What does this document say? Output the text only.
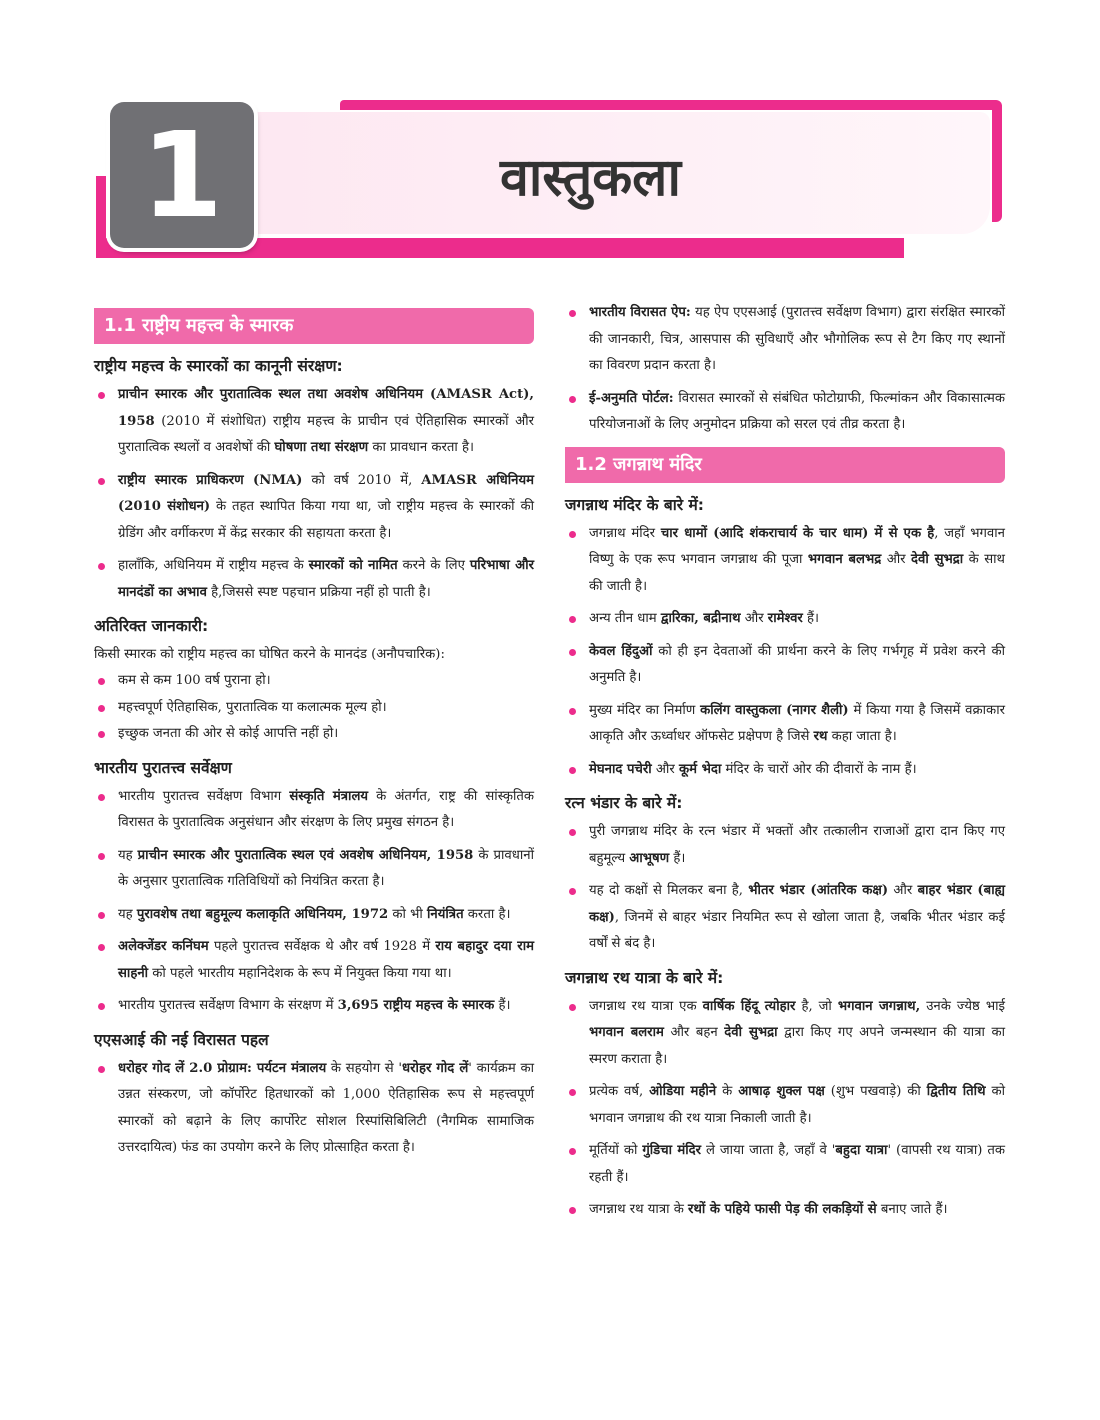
1	वास्तुकला
1.1 राष्ट्रीय महत्त्व के स्मारक
राष्ट्रीय महत्त्व के स्मारकों का कानूनी संरक्षण:
प्राचीन स्मारक और पुरातात्विक स्थल तथा अवशेष अधिनियम (AMASR Act), 1958 (2010 में संशोधित) राष्ट्रीय महत्त्व के प्राचीन एवं ऐतिहासिक स्मारकों और पुरातात्विक स्थलों व अवशेषों की घोषणा तथा संरक्षण का प्रावधान करता है।
राष्ट्रीय स्मारक प्राधिकरण (NMA) को वर्ष 2010 में, AMASR अधिनियम (2010 संशोधन) के तहत स्थापित किया गया था, जो राष्ट्रीय महत्त्व के स्मारकों की ग्रेडिंग और वर्गीकरण में केंद्र सरकार की सहायता करता है।
हालाँकि, अधिनियम में राष्ट्रीय महत्त्व के स्मारकों को नामित करने के लिए परिभाषा और मानदंडों का अभाव है,जिससे स्पष्ट पहचान प्रक्रिया नहीं हो पाती है।
अतिरिक्त जानकारी:

किसी स्मारक को राष्ट्रीय महत्त्व का घोषित करने के मानदंड (अनौपचारिक):

कम से कम 100 वर्ष पुराना हो।
महत्त्वपूर्ण ऐतिहासिक, पुरातात्विक या कलात्मक मूल्य हो।
इच्छुक जनता की ओर से कोई आपत्ति नहीं हो।
भारतीय पुरातत्त्व सर्वेक्षण
भारतीय पुरातत्त्व सर्वेक्षण विभाग संस्कृति मंत्रालय के अंतर्गत, राष्ट्र की सांस्कृतिक विरासत के पुरातात्विक अनुसंधान और संरक्षण के लिए प्रमुख संगठन है।
यह प्राचीन स्मारक और पुरातात्विक स्थल एवं अवशेष अधिनियम, 1958 के प्रावधानों के अनुसार पुरातात्विक गतिविधियों को नियंत्रित करता है।
यह पुरावशेष तथा बहुमूल्य कलाकृति अधिनियम, 1972 को भी नियंत्रित करता है।
अलेक्जेंडर कनिंघम पहले पुरातत्त्व सर्वेक्षक थे और वर्ष 1928 में राय बहादुर दया राम साहनी को पहले भारतीय महानिदेशक के रूप में नियुक्त किया गया था।
भारतीय पुरातत्त्व सर्वेक्षण विभाग के संरक्षण में 3,695 राष्ट्रीय महत्त्व के स्मारक हैं।
एएसआई की नई विरासत पहल
धरोहर गोद लें 2.0 प्रोग्राम: पर्यटन मंत्रालय के सहयोग से 'धरोहर गोद लें' कार्यक्रम का उन्नत संस्करण, जो कॉर्पोरेट हितधारकों को 1,000 ऐतिहासिक रूप से महत्त्वपूर्ण स्मारकों को बढ़ाने के लिए कार्पोरेट सोशल रिस्पांसिबिलिटी (नैगमिक सामाजिक उत्तरदायित्व) फंड का उपयोग करने के लिए प्रोत्साहित करता है।
भारतीय विरासत ऐप: यह ऐप एएसआई (पुरातत्त्व सर्वेक्षण विभाग) द्वारा संरक्षित स्मारकों की जानकारी, चित्र, आसपास की सुविधाएँ और भौगोलिक रूप से टैग किए गए स्थानों का विवरण प्रदान करता है।
ई-अनुमति पोर्टल: विरासत स्मारकों से संबंधित फोटोग्राफी, फिल्मांकन और विकासात्मक परियोजनाओं के लिए अनुमोदन प्रक्रिया को सरल एवं तीव्र करता है।
1.2 जगन्नाथ मंदिर
जगन्नाथ मंदिर के बारे में:
जगन्नाथ मंदिर चार धामों (आदि शंकराचार्य के चार धाम) में से एक है, जहाँ भगवान विष्णु के एक रूप भगवान जगन्नाथ की पूजा भगवान बलभद्र और देवी सुभद्रा के साथ की जाती है।
अन्य तीन धाम द्वारिका, बद्रीनाथ और रामेश्वर हैं।
केवल हिंदुओं को ही इन देवताओं की प्रार्थना करने के लिए गर्भगृह में प्रवेश करने की अनुमति है।
मुख्य मंदिर का निर्माण कलिंग वास्तुकला (नागर शैली) में किया गया है जिसमें वक्राकार आकृति और ऊर्ध्वाधर ऑफसेट प्रक्षेपण है जिसे रथ कहा जाता है।
मेघनाद पचेरी और कूर्म भेदा मंदिर के चारों ओर की दीवारों के नाम हैं।
रत्न भंडार के बारे में:
पुरी जगन्नाथ मंदिर के रत्न भंडार में भक्तों और तत्कालीन राजाओं द्वारा दान किए गए बहुमूल्य आभूषण हैं।
यह दो कक्षों से मिलकर बना है, भीतर भंडार (आंतरिक कक्ष) और बाहर भंडार (बाह्य कक्ष), जिनमें से बाहर भंडार नियमित रूप से खोला जाता है, जबकि भीतर भंडार कई वर्षों से बंद है।
जगन्नाथ रथ यात्रा के बारे में:
जगन्नाथ रथ यात्रा एक वार्षिक हिंदू त्योहार है, जो भगवान जगन्नाथ, उनके ज्येष्ठ भाई भगवान बलराम और बहन देवी सुभद्रा द्वारा किए गए अपने जन्मस्थान की यात्रा का स्मरण कराता है।
प्रत्येक वर्ष, ओडिया महीने के आषाढ़ शुक्ल पक्ष (शुभ पखवाड़े) की द्वितीय तिथि को भगवान जगन्नाथ की रथ यात्रा निकाली जाती है।
मूर्तियों को गुंडिचा मंदिर ले जाया जाता है, जहाँ वे 'बहुदा यात्रा' (वापसी रथ यात्रा) तक रहती हैं।
जगन्नाथ रथ यात्रा के रथों के पहिये फासी पेड़ की लकड़ियों से बनाए जाते हैं।
